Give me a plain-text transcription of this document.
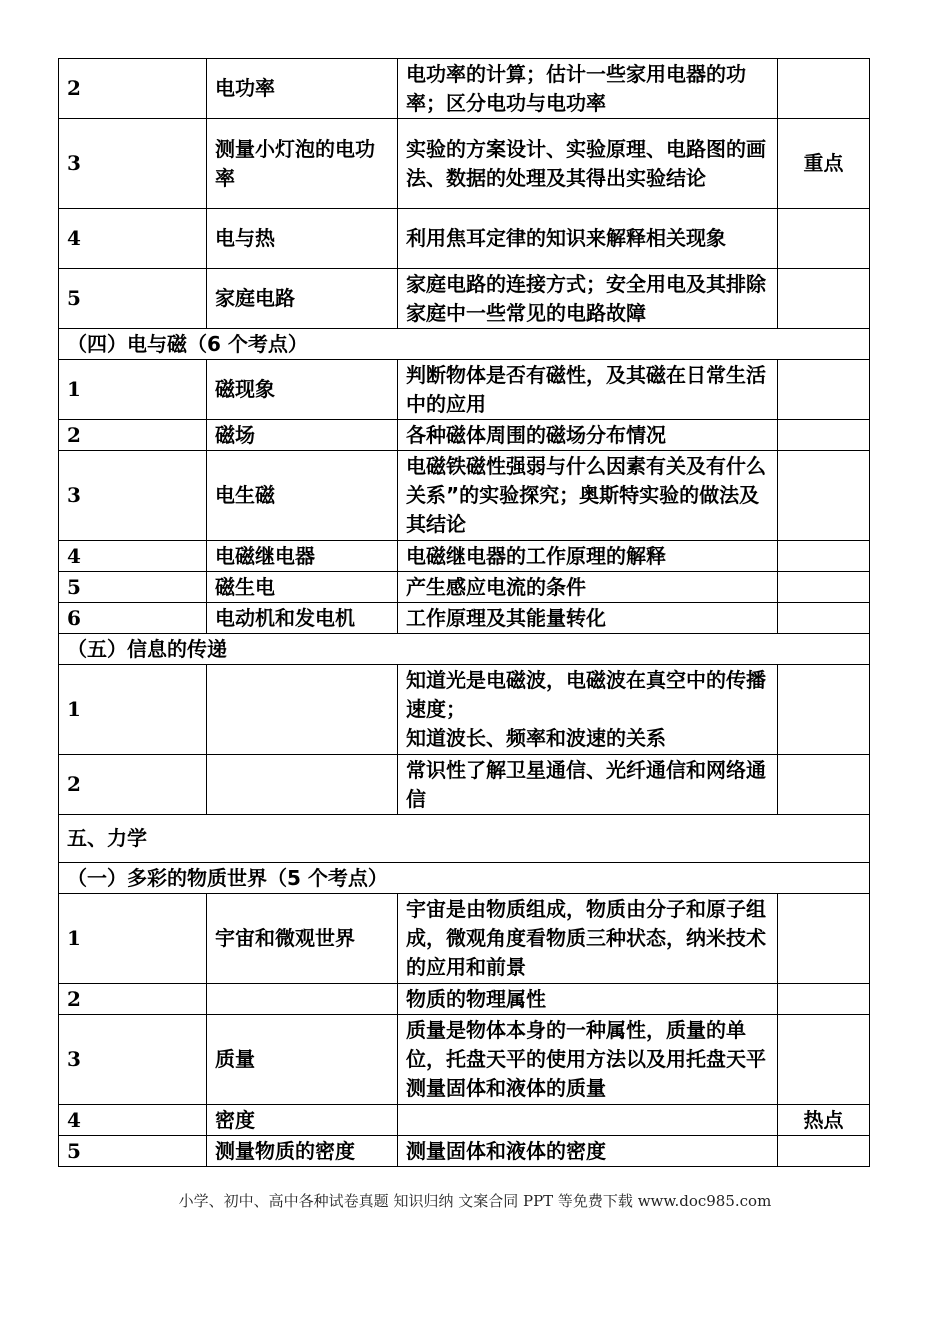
2	电功率	电功率的计算；估计一些家用电器的功率；区分电功与电功率	
3	测量小灯泡的电功率	实验的方案设计、实验原理、电路图的画法、数据的处理及其得出实验结论	重点
4	电与热	利用焦耳定律的知识来解释相关现象	
5	家庭电路	家庭电路的连接方式；安全用电及其排除家庭中一些常见的电路故障	
（四）电与磁（6 个考点）			
1	磁现象	判断物体是否有磁性，及其磁在日常生活中的应用	
2	磁场	各种磁体周围的磁场分布情况	
3	电生磁	电磁铁磁性强弱与什么因素有关及有什么关系”的实验探究；奥斯特实验的做法及其结论	
4	电磁继电器	电磁继电器的工作原理的解释	
5	磁生电	产生感应电流的条件	
6	电动机和发电机	工作原理及其能量转化	
（五）信息的传递			
1		知道光是电磁波，电磁波在真空中的传播速度；
知道波长、频率和波速的关系	
2		常识性了解卫星通信、光纤通信和网络通信	
五、力学			
（一）多彩的物质世界（5 个考点）			
1	宇宙和微观世界	宇宙是由物质组成，物质由分子和原子组成，微观角度看物质三种状态，纳米技术的应用和前景	
2		物质的物理属性	
3	质量	质量是物体本身的一种属性，质量的单位，托盘天平的使用方法以及用托盘天平测量固体和液体的质量	
4	密度		热点
5	测量物质的密度	测量固体和液体的密度	
小学、初中、高中各种试卷真题 知识归纳 文案合同 PPT 等免费下载 www.doc985.com
